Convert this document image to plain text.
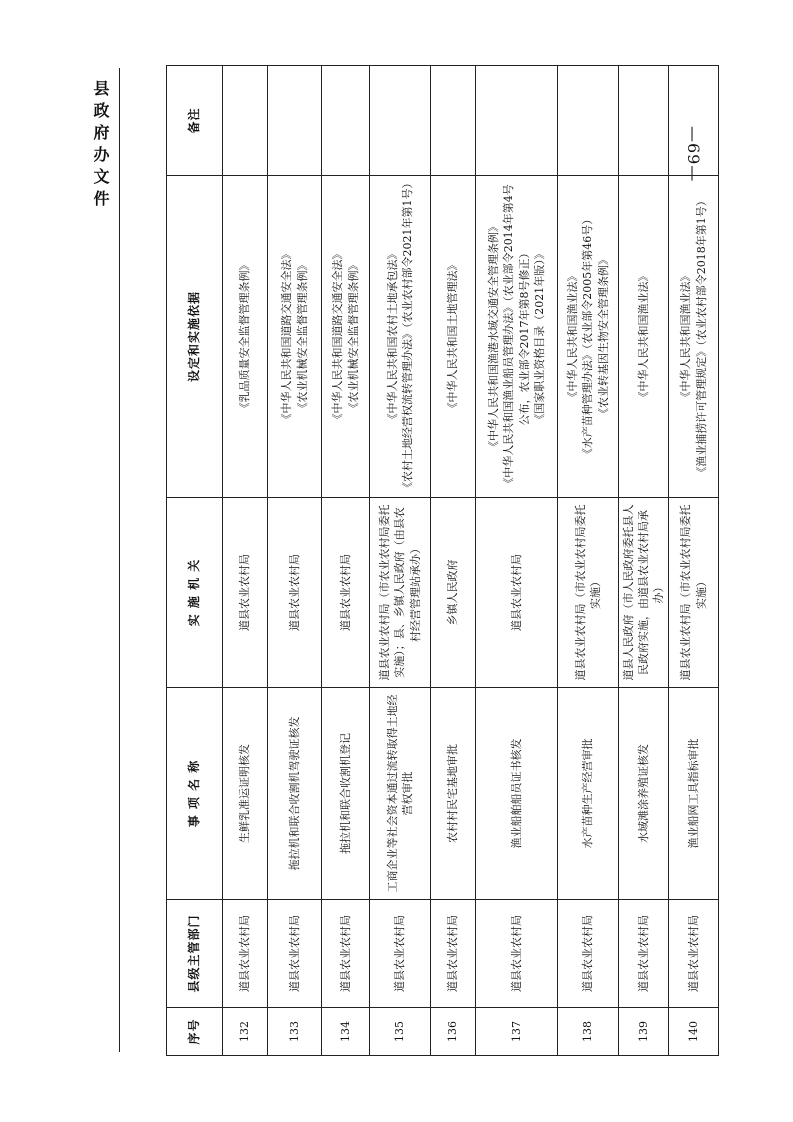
县政府办文件	—69—
序号	县级主管部门	事 项 名 称	实 施 机 关	设定和实施依据	备注
132	道县农业农村局	生鲜乳准运证明核发	道县农业农村局	《乳品质量安全监督管理条例》	

133	道县农业农村局	拖拉机和联合收割机驾驶证核发	道县农业农村局	《中华人民共和国道路交通安全法》 《农业机械安全监督管理条例》	

134	道县农业农村局	拖拉机和联合收割机登记	道县农业农村局	《中华人民共和国道路交通安全法》 《农业机械安全监督管理条例》	

135	道县农业农村局	工商企业等社会资本通过流转取得土地经营权审批	道县农业农村局（市农业农村局委托实施）；县、乡镇人民政府（由县农村经营管理站承办）	《中华人民共和国农村土地承包法》 《农村土地经营权流转管理办法》（农业农村部令2021年第1号）	

136	道县农业农村局	农村村民宅基地审批	乡镇人民政府	《中华人民共和国土地管理法》	

137	道县农业农村局	渔业船舶船员证书核发	道县农业农村局	《中华人民共和国渔港水域交通安全管理条例》 《中华人民共和国渔业船员管理办法》（农业部令2014年第4号公布，农业部令2017年第8号修正） 《国家职业资格目录（2021年版）》	

138	道县农业农村局	水产苗种生产经营审批	道县农业农村局（市农业农村局委托实施）	《中华人民共和国渔业法》 《水产苗种管理办法》（农业部令2005年第46号） 《农业转基因生物安全管理条例》	

139	道县农业农村局	水域滩涂养殖证核发	道县人民政府（市人民政府委托县人民政府实施，由道县农业农村局承办）	《中华人民共和国渔业法》	

140	道县农业农村局	渔业船网工具指标审批	道县农业农村局（市农业农村局委托实施）	《中华人民共和国渔业法》 《渔业捕捞许可管理规定》（农业农村部令2018年第1号）	
